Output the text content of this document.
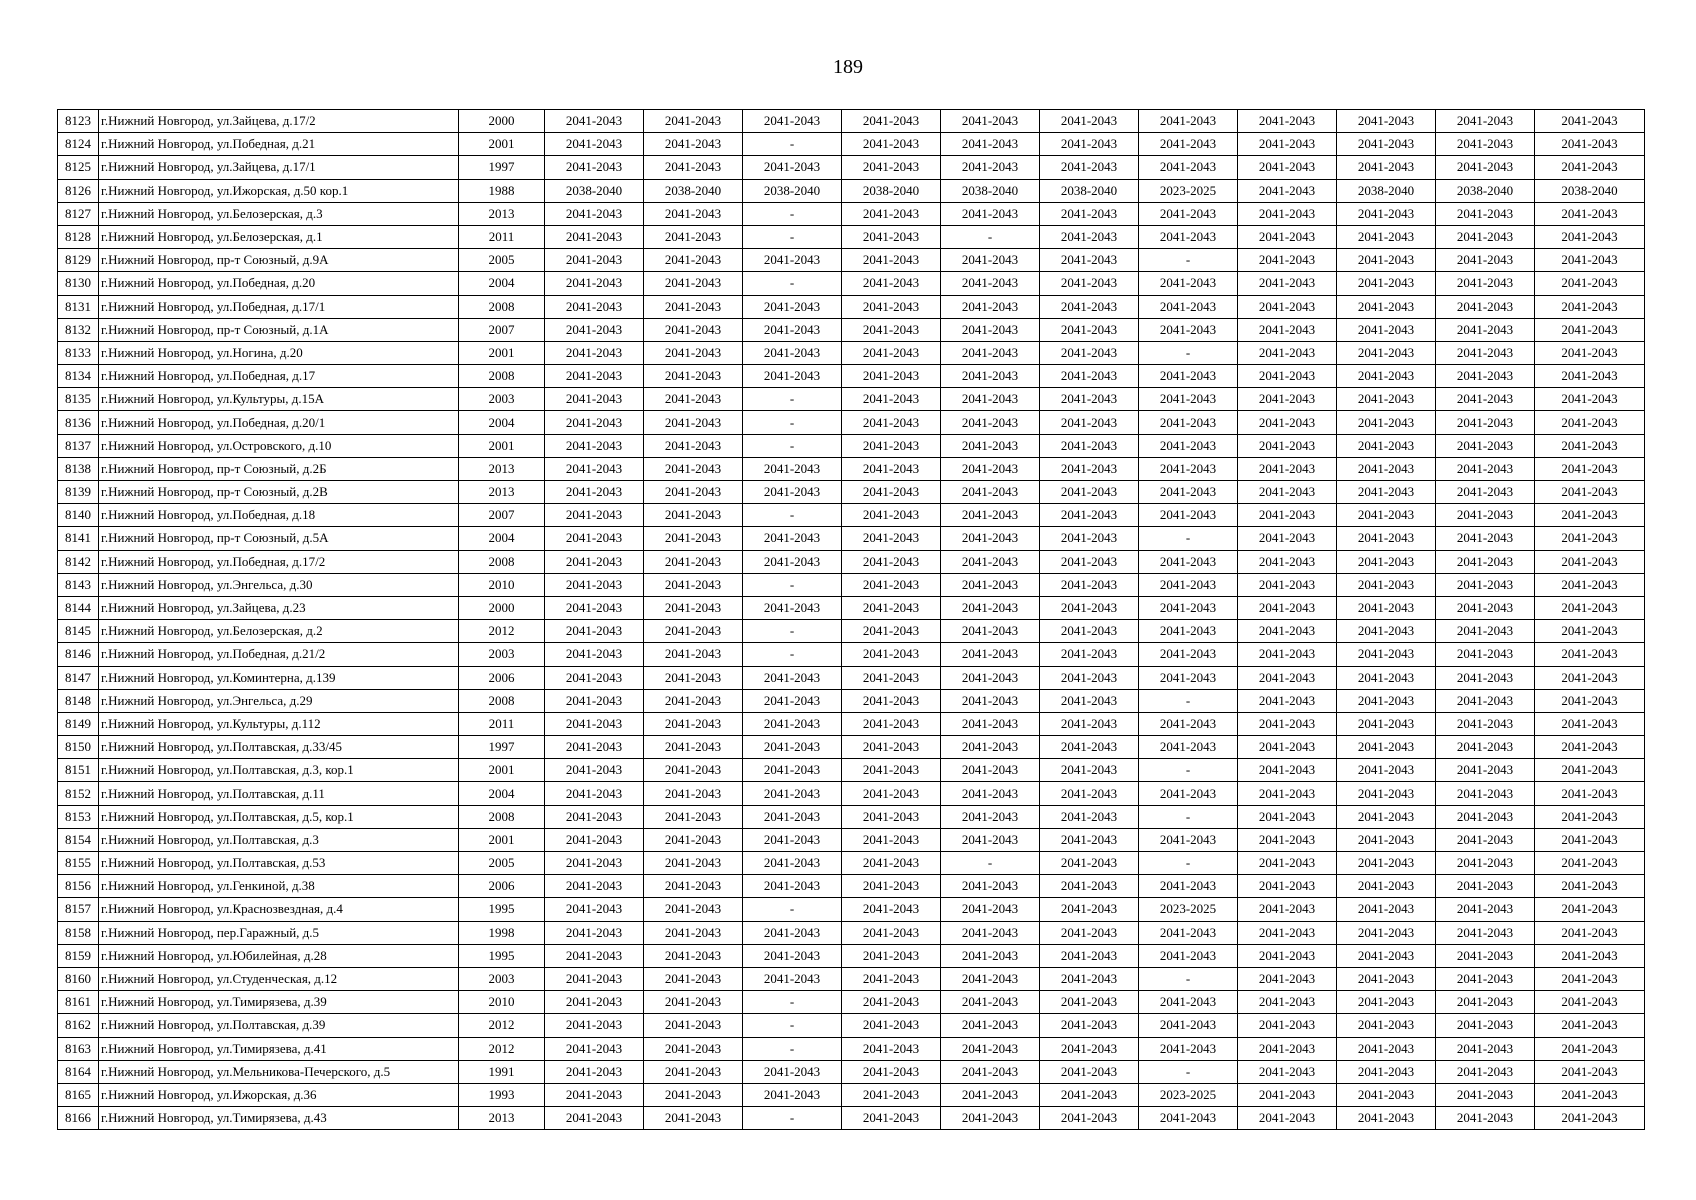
189
8123	г.Нижний Новгород, ул.Зайцева, д.17/2	2000	2041-2043	2041-2043	2041-2043	2041-2043	2041-2043	2041-2043	2041-2043	2041-2043	2041-2043	2041-2043	2041-2043
8124	г.Нижний Новгород, ул.Победная, д.21	2001	2041-2043	2041-2043	-	2041-2043	2041-2043	2041-2043	2041-2043	2041-2043	2041-2043	2041-2043	2041-2043
8125	г.Нижний Новгород, ул.Зайцева, д.17/1	1997	2041-2043	2041-2043	2041-2043	2041-2043	2041-2043	2041-2043	2041-2043	2041-2043	2041-2043	2041-2043	2041-2043
8126	г.Нижний Новгород, ул.Ижорская, д.50 кор.1	1988	2038-2040	2038-2040	2038-2040	2038-2040	2038-2040	2038-2040	2023-2025	2041-2043	2038-2040	2038-2040	2038-2040
8127	г.Нижний Новгород, ул.Белозерская, д.3	2013	2041-2043	2041-2043	-	2041-2043	2041-2043	2041-2043	2041-2043	2041-2043	2041-2043	2041-2043	2041-2043
8128	г.Нижний Новгород, ул.Белозерская, д.1	2011	2041-2043	2041-2043	-	2041-2043	-	2041-2043	2041-2043	2041-2043	2041-2043	2041-2043	2041-2043
8129	г.Нижний Новгород, пр-т Союзный, д.9А	2005	2041-2043	2041-2043	2041-2043	2041-2043	2041-2043	2041-2043	-	2041-2043	2041-2043	2041-2043	2041-2043
8130	г.Нижний Новгород, ул.Победная, д.20	2004	2041-2043	2041-2043	-	2041-2043	2041-2043	2041-2043	2041-2043	2041-2043	2041-2043	2041-2043	2041-2043
8131	г.Нижний Новгород, ул.Победная, д.17/1	2008	2041-2043	2041-2043	2041-2043	2041-2043	2041-2043	2041-2043	2041-2043	2041-2043	2041-2043	2041-2043	2041-2043
8132	г.Нижний Новгород, пр-т Союзный, д.1А	2007	2041-2043	2041-2043	2041-2043	2041-2043	2041-2043	2041-2043	2041-2043	2041-2043	2041-2043	2041-2043	2041-2043
8133	г.Нижний Новгород, ул.Ногина, д.20	2001	2041-2043	2041-2043	2041-2043	2041-2043	2041-2043	2041-2043	-	2041-2043	2041-2043	2041-2043	2041-2043
8134	г.Нижний Новгород, ул.Победная, д.17	2008	2041-2043	2041-2043	2041-2043	2041-2043	2041-2043	2041-2043	2041-2043	2041-2043	2041-2043	2041-2043	2041-2043
8135	г.Нижний Новгород, ул.Культуры, д.15А	2003	2041-2043	2041-2043	-	2041-2043	2041-2043	2041-2043	2041-2043	2041-2043	2041-2043	2041-2043	2041-2043
8136	г.Нижний Новгород, ул.Победная, д.20/1	2004	2041-2043	2041-2043	-	2041-2043	2041-2043	2041-2043	2041-2043	2041-2043	2041-2043	2041-2043	2041-2043
8137	г.Нижний Новгород, ул.Островского, д.10	2001	2041-2043	2041-2043	-	2041-2043	2041-2043	2041-2043	2041-2043	2041-2043	2041-2043	2041-2043	2041-2043
8138	г.Нижний Новгород, пр-т Союзный, д.2Б	2013	2041-2043	2041-2043	2041-2043	2041-2043	2041-2043	2041-2043	2041-2043	2041-2043	2041-2043	2041-2043	2041-2043
8139	г.Нижний Новгород, пр-т Союзный, д.2В	2013	2041-2043	2041-2043	2041-2043	2041-2043	2041-2043	2041-2043	2041-2043	2041-2043	2041-2043	2041-2043	2041-2043
8140	г.Нижний Новгород, ул.Победная, д.18	2007	2041-2043	2041-2043	-	2041-2043	2041-2043	2041-2043	2041-2043	2041-2043	2041-2043	2041-2043	2041-2043
8141	г.Нижний Новгород, пр-т Союзный, д.5А	2004	2041-2043	2041-2043	2041-2043	2041-2043	2041-2043	2041-2043	-	2041-2043	2041-2043	2041-2043	2041-2043
8142	г.Нижний Новгород, ул.Победная, д.17/2	2008	2041-2043	2041-2043	2041-2043	2041-2043	2041-2043	2041-2043	2041-2043	2041-2043	2041-2043	2041-2043	2041-2043
8143	г.Нижний Новгород, ул.Энгельса, д.30	2010	2041-2043	2041-2043	-	2041-2043	2041-2043	2041-2043	2041-2043	2041-2043	2041-2043	2041-2043	2041-2043
8144	г.Нижний Новгород, ул.Зайцева, д.23	2000	2041-2043	2041-2043	2041-2043	2041-2043	2041-2043	2041-2043	2041-2043	2041-2043	2041-2043	2041-2043	2041-2043
8145	г.Нижний Новгород, ул.Белозерская, д.2	2012	2041-2043	2041-2043	-	2041-2043	2041-2043	2041-2043	2041-2043	2041-2043	2041-2043	2041-2043	2041-2043
8146	г.Нижний Новгород, ул.Победная, д.21/2	2003	2041-2043	2041-2043	-	2041-2043	2041-2043	2041-2043	2041-2043	2041-2043	2041-2043	2041-2043	2041-2043
8147	г.Нижний Новгород, ул.Коминтерна, д.139	2006	2041-2043	2041-2043	2041-2043	2041-2043	2041-2043	2041-2043	2041-2043	2041-2043	2041-2043	2041-2043	2041-2043
8148	г.Нижний Новгород, ул.Энгельса, д.29	2008	2041-2043	2041-2043	2041-2043	2041-2043	2041-2043	2041-2043	-	2041-2043	2041-2043	2041-2043	2041-2043
8149	г.Нижний Новгород, ул.Культуры, д.112	2011	2041-2043	2041-2043	2041-2043	2041-2043	2041-2043	2041-2043	2041-2043	2041-2043	2041-2043	2041-2043	2041-2043
8150	г.Нижний Новгород, ул.Полтавская, д.33/45	1997	2041-2043	2041-2043	2041-2043	2041-2043	2041-2043	2041-2043	2041-2043	2041-2043	2041-2043	2041-2043	2041-2043
8151	г.Нижний Новгород, ул.Полтавская, д.3, кор.1	2001	2041-2043	2041-2043	2041-2043	2041-2043	2041-2043	2041-2043	-	2041-2043	2041-2043	2041-2043	2041-2043
8152	г.Нижний Новгород, ул.Полтавская, д.11	2004	2041-2043	2041-2043	2041-2043	2041-2043	2041-2043	2041-2043	2041-2043	2041-2043	2041-2043	2041-2043	2041-2043
8153	г.Нижний Новгород, ул.Полтавская, д.5, кор.1	2008	2041-2043	2041-2043	2041-2043	2041-2043	2041-2043	2041-2043	-	2041-2043	2041-2043	2041-2043	2041-2043
8154	г.Нижний Новгород, ул.Полтавская, д.3	2001	2041-2043	2041-2043	2041-2043	2041-2043	2041-2043	2041-2043	2041-2043	2041-2043	2041-2043	2041-2043	2041-2043
8155	г.Нижний Новгород, ул.Полтавская, д.53	2005	2041-2043	2041-2043	2041-2043	2041-2043	-	2041-2043	-	2041-2043	2041-2043	2041-2043	2041-2043
8156	г.Нижний Новгород, ул.Генкиной, д.38	2006	2041-2043	2041-2043	2041-2043	2041-2043	2041-2043	2041-2043	2041-2043	2041-2043	2041-2043	2041-2043	2041-2043
8157	г.Нижний Новгород, ул.Краснозвездная, д.4	1995	2041-2043	2041-2043	-	2041-2043	2041-2043	2041-2043	2023-2025	2041-2043	2041-2043	2041-2043	2041-2043
8158	г.Нижний Новгород, пер.Гаражный, д.5	1998	2041-2043	2041-2043	2041-2043	2041-2043	2041-2043	2041-2043	2041-2043	2041-2043	2041-2043	2041-2043	2041-2043
8159	г.Нижний Новгород, ул.Юбилейная, д.28	1995	2041-2043	2041-2043	2041-2043	2041-2043	2041-2043	2041-2043	2041-2043	2041-2043	2041-2043	2041-2043	2041-2043
8160	г.Нижний Новгород, ул.Студенческая, д.12	2003	2041-2043	2041-2043	2041-2043	2041-2043	2041-2043	2041-2043	-	2041-2043	2041-2043	2041-2043	2041-2043
8161	г.Нижний Новгород, ул.Тимирязева, д.39	2010	2041-2043	2041-2043	-	2041-2043	2041-2043	2041-2043	2041-2043	2041-2043	2041-2043	2041-2043	2041-2043
8162	г.Нижний Новгород, ул.Полтавская, д.39	2012	2041-2043	2041-2043	-	2041-2043	2041-2043	2041-2043	2041-2043	2041-2043	2041-2043	2041-2043	2041-2043
8163	г.Нижний Новгород, ул.Тимирязева, д.41	2012	2041-2043	2041-2043	-	2041-2043	2041-2043	2041-2043	2041-2043	2041-2043	2041-2043	2041-2043	2041-2043
8164	г.Нижний Новгород, ул.Мельникова-Печерского, д.5	1991	2041-2043	2041-2043	2041-2043	2041-2043	2041-2043	2041-2043	-	2041-2043	2041-2043	2041-2043	2041-2043
8165	г.Нижний Новгород, ул.Ижорская, д.36	1993	2041-2043	2041-2043	2041-2043	2041-2043	2041-2043	2041-2043	2023-2025	2041-2043	2041-2043	2041-2043	2041-2043
8166	г.Нижний Новгород, ул.Тимирязева, д.43	2013	2041-2043	2041-2043	-	2041-2043	2041-2043	2041-2043	2041-2043	2041-2043	2041-2043	2041-2043	2041-2043
